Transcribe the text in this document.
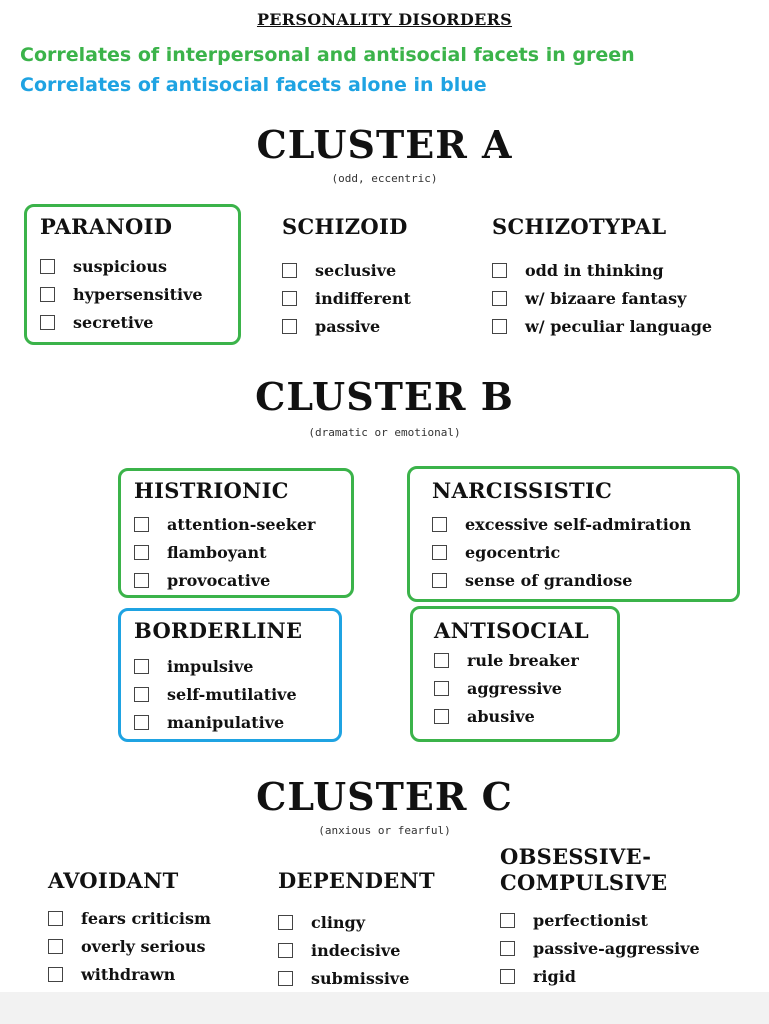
PERSONALITY DISORDERS
Correlates of interpersonal and antisocial facets in green
Correlates of antisocial facets alone in blue
CLUSTER A
(odd, eccentric)
PARANOID
suspicious
hypersensitive
secretive
SCHIZOID
seclusive
indifferent
passive
SCHIZOTYPAL
odd in thinking
w/ bizaare fantasy
w/ peculiar language
CLUSTER B
(dramatic or emotional)
HISTRIONIC
attention-seeker
flamboyant
provocative
NARCISSISTIC
excessive self-admiration
egocentric
sense of grandiose
BORDERLINE
impulsive
self-mutilative
manipulative
ANTISOCIAL
rule breaker
aggressive
abusive
CLUSTER C
(anxious or fearful)
AVOIDANT
fears criticism
overly serious
withdrawn
DEPENDENT
clingy
indecisive
submissive
OBSESSIVE-
COMPULSIVE
perfectionist
passive-aggressive
rigid
